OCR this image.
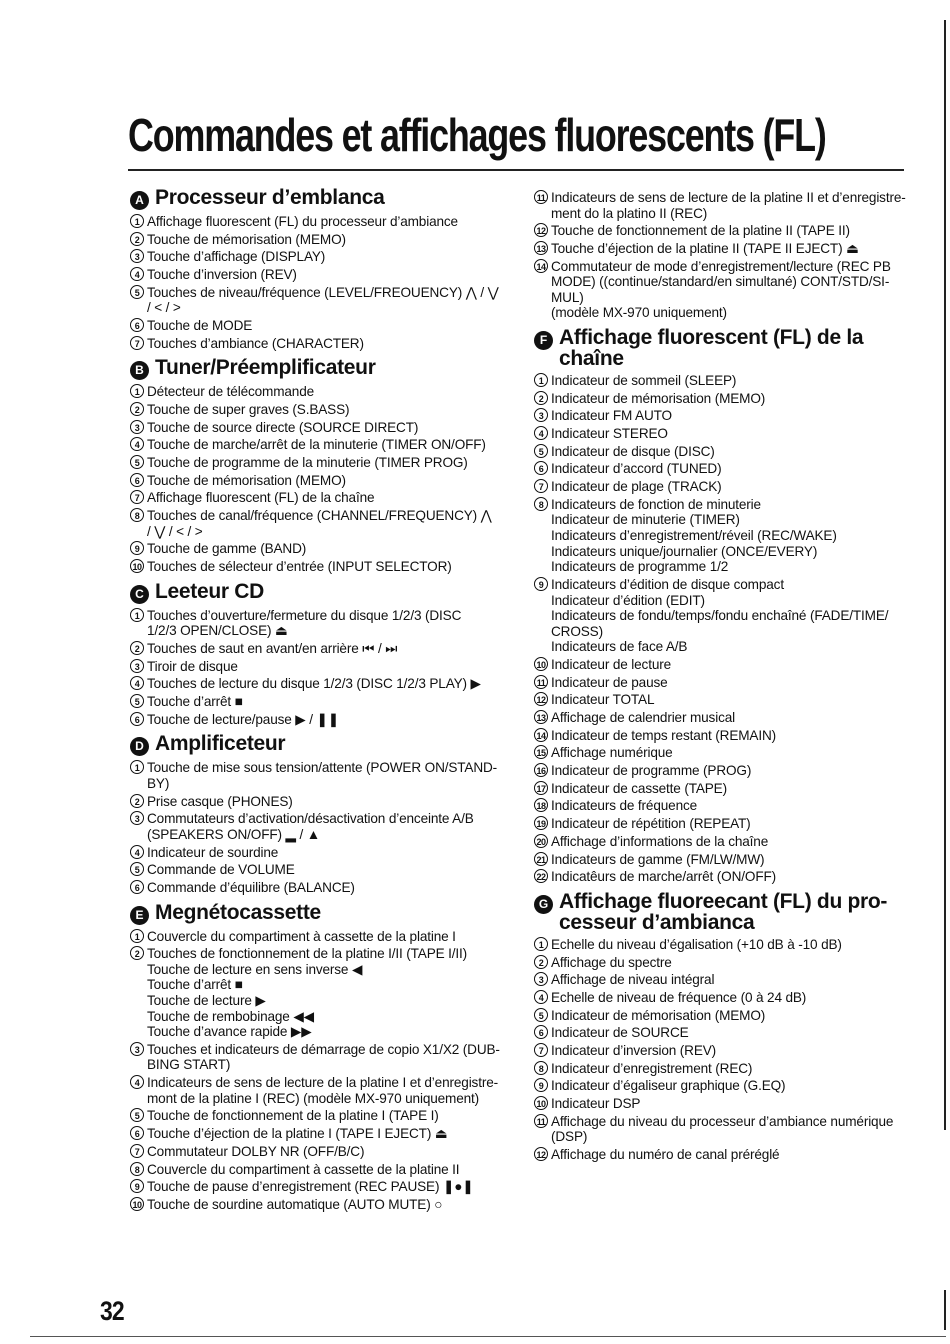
Commandes et affichages fluorescents (FL)
A Processeur d’emblanca
1 Affichage fluorescent (FL) du processeur d’ambiance
2 Touche de mémorisation (MEMO)
3 Touche d’affichage (DISPLAY)
4 Touche d’inversion (REV)
5 Touches de niveau/fréquence (LEVEL/FREOUENCY) ⋀ / ⋁
/ < / >
6 Touche de MODE
7 Touches d’ambiance (CHARACTER)
B Tuner/Préemplificateur
1 Détecteur de télécommande
2 Touche de super graves (S.BASS)
3 Touche de source directe (SOURCE DIRECT)
4 Touche de marche/arrêt de la minuterie (TIMER ON/OFF)
5 Touche de programme de la minuterie (TIMER PROG)
6 Touche de mémorisation (MEMO)
7 Affichage fluorescent (FL) de la chaîne
8 Touches de canal/fréquence (CHANNEL/FREQUENCY) ⋀
/ ⋁ / < / >
9 Touche de gamme (BAND)
10 Touches de sélecteur d’entrée (INPUT SELECTOR)
C Leeteur CD
1 Touches d’ouverture/fermeture du disque 1/2/3 (DISC
1/2/3 OPEN/CLOSE) ⏏
2 Touches de saut en avant/en arrière ⏮ / ⏭
3 Tiroir de disque
4 Touches de lecture du disque 1/2/3 (DISC 1/2/3 PLAY) ▶
5 Touche d’arrêt ■
6 Touche de lecture/pause ▶ / ❚❚
D Amplificeteur
1 Touche de mise sous tension/attente (POWER ON/STAND-
BY)
2 Prise casque (PHONES)
3 Commutateurs d’activation/désactivation d’enceinte A/B
(SPEAKERS ON/OFF) ▂ / ▲
4 Indicateur de sourdine
5 Commande de VOLUME
6 Commande d’équilibre (BALANCE)
E Megnétocassette
1 Couvercle du compartiment à cassette de la platine I
2 Touches de fonctionnement de la platine I/II (TAPE I/II)
Touche de lecture en sens inverse ◀
Touche d’arrêt ■
Touche de lecture ▶
Touche de rembobinage ◀◀
Touche d’avance rapide ▶▶
3 Touches et indicateurs de démarrage de copio X1/X2 (DUB-
BING START)
4 Indicateurs de sens de lecture de la platine I et d’enregistre-
mont de la platine I (REC) (modèle MX-970 uniquement)
5 Touche de fonctionnement de la platine I (TAPE I)
6 Touche d’éjection de la platine I (TAPE I EJECT) ⏏
7 Commutateur DOLBY NR (OFF/B/C)
8 Couvercle du compartiment à cassette de la platine II
9 Touche de pause d’enregistrement (REC PAUSE) ❚●❚
10 Touche de sourdine automatique (AUTO MUTE) ○
11 Indicateurs de sens de lecture de la platine II et d’enregistre-
ment do la platino II (REC)
12 Touche de fonctionnement de la platine II (TAPE II)
13 Touche d’éjection de la platine II (TAPE II EJECT) ⏏
14 Commutateur de mode d’enregistrement/lecture (REC PB
MODE) ((continue/standard/en simultané) CONT/STD/SI-
MUL)
(modèle MX-970 uniquement)
F Affichage fluorescent (FL) de la chaîne
1 Indicateur de sommeil (SLEEP)
2 Indicateur de mémorisation (MEMO)
3 Indicateur FM AUTO
4 Indicateur STEREO
5 Indicateur de disque (DISC)
6 Indicateur d’accord (TUNED)
7 Indicateur de plage (TRACK)
8 Indicateurs de fonction de minuterie
Indicateur de minuterie (TIMER)
Indicateurs d’enregistrement/réveil (REC/WAKE)
Indicateurs unique/journalier (ONCE/EVERY)
Indicateurs de programme 1/2
9 Indicateurs d’édition de disque compact
Indicateur d’édition (EDIT)
Indicateurs de fondu/temps/fondu enchaîné (FADE/TIME/
CROSS)
Indicateurs de face A/B
10 Indicateur de lecture
11 Indicateur de pause
12 Indicateur TOTAL
13 Affichage de calendrier musical
14 Indicateur de temps restant (REMAIN)
15 Affichage numérique
16 Indicateur de programme (PROG)
17 Indicateur de cassette (TAPE)
18 Indicateurs de fréquence
19 Indicateur de répétition (REPEAT)
20 Affichage d’informations de la chaîne
21 Indicateurs de gamme (FM/LW/MW)
22 Indicatêurs de marche/arrêt (ON/OFF)
G Affichage fluoreecant (FL) du pro-cesseur d’ambianca
1 Echelle du niveau d’égalisation (+10 dB à -10 dB)
2 Affichage du spectre
3 Affichage de niveau intégral
4 Echelle de niveau de fréquence (0 à 24 dB)
5 Indicateur de mémorisation (MEMO)
6 Indicateur de SOURCE
7 Indicateur d’inversion (REV)
8 Indicateur d’enregistrement (REC)
9 Indicateur d’égaliseur graphique (G.EQ)
10 Indicateur DSP
11 Affichage du niveau du processeur d’ambiance numérique
(DSP)
12 Affichage du numéro de canal préréglé
32
